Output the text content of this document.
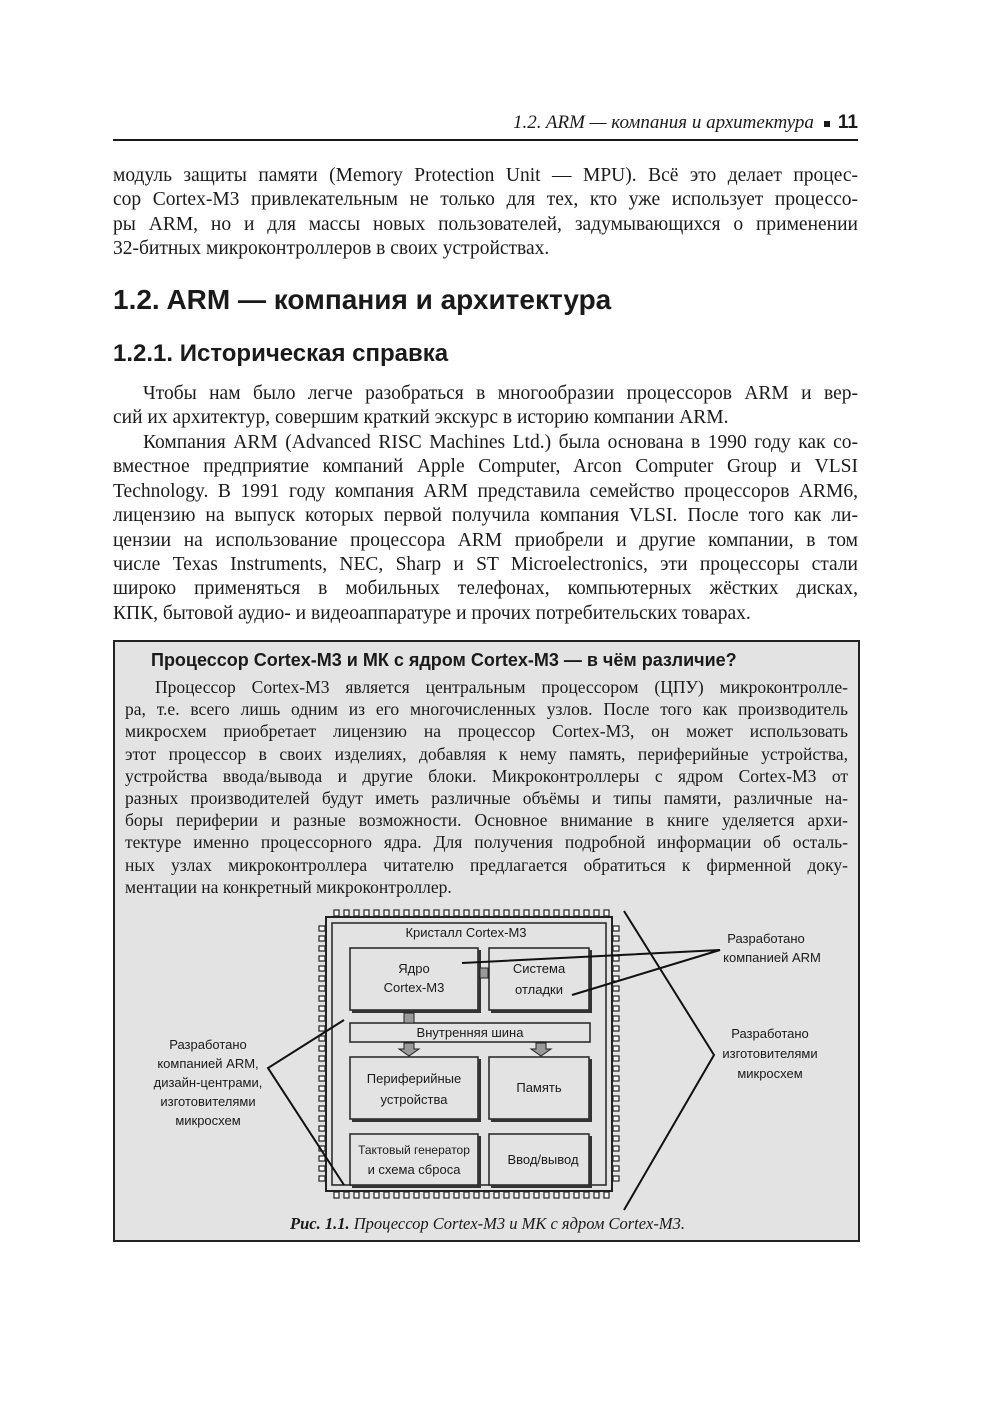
1.2. ARM — компания и архитектура 11
модуль защиты памяти (Memory Protection Unit — MPU). Всё это делает процес-
сор Cortex-M3 привлекательным не только для тех, кто уже использует процессо-
ры ARM, но и для массы новых пользователей, задумывающихся о применении
32-битных микроконтроллеров в своих устройствах.
1.2. ARM — компания и архитектура
1.2.1. Историческая справка
Чтобы нам было легче разобраться в многообразии процессоров ARM и вер-
сий их архитектур, совершим краткий экскурс в историю компании ARM.
Компания ARM (Advanced RISC Machines Ltd.) была основана в 1990 году как со-
вместное предприятие компаний Apple Computer, Arcon Computer Group и VLSI
Technology. В 1991 году компания ARM представила семейство процессоров ARM6,
лицензию на выпуск которых первой получила компания VLSI. После того как ли-
цензии на использование процессора ARM приобрели и другие компании, в том
числе Texas Instruments, NEC, Sharp и ST Microelectronics, эти процессоры стали
широко применяться в мобильных телефонах, компьютерных жёстких дисках,
КПК, бытовой аудио- и видеоаппаратуре и прочих потребительских товарах.
Процессор Cortex-M3 и МК с ядром Cortex-M3 — в чём различие?
Процессор Cortex-M3 является центральным процессором (ЦПУ) микроконтролле-
ра, т.е. всего лишь одним из его многочисленных узлов. После того как производитель
микросхем приобретает лицензию на процессор Cortex-M3, он может использовать
этот процессор в своих изделиях, добавляя к нему память, периферийные устройства,
устройства ввода/вывода и другие блоки. Микроконтроллеры с ядром Cortex-M3 от
разных производителей будут иметь различные объёмы и типы памяти, различные на-
боры периферии и разные возможности. Основное внимание в книге уделяется архи-
тектуре именно процессорного ядра. Для получения подробной информации об осталь-
ных узлах микроконтроллера читателю предлагается обратиться к фирменной доку-
ментации на конкретный микроконтроллер.
Рис. 1.1. Процессор Cortex-M3 и МК с ядром Cortex-M3.
Кристалл Cortex-M3
Ядро
Cortex-M3
Система
отладки
Внутренняя шина
Периферийные
устройства
Память
Тактовый генератор
и схема сброса
Ввод/вывод
Разработано
компанией ARM,
дизайн-центрами,
изготовителями
микросхем
Разработано
компанией ARM
Разработано
изготовителями
микросхем
